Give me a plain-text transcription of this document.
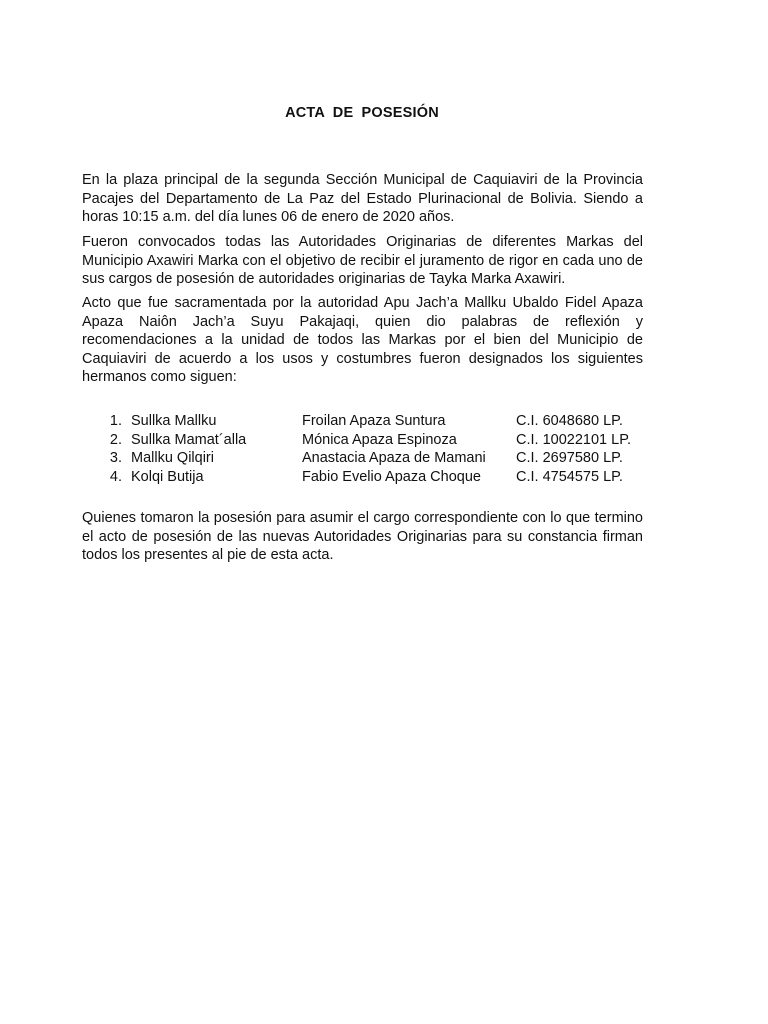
ACTA DE POSESIÓN

En la plaza principal de la segunda Sección Municipal de Caquiaviri de la Provincia Pacajes del Departamento de La Paz del Estado Plurinacional de Bolivia. Siendo a horas 10:15 a.m. del día lunes 06 de enero de 2020 años.

Fueron convocados todas las Autoridades Originarias de diferentes Markas del Municipio Axawiri Marka con el objetivo de recibir el juramento de rigor en cada uno de sus cargos de posesión de autoridades originarias de Tayka Marka Axawiri.

Acto que fue sacramentada por la autoridad Apu Jach’a Mallku Ubaldo Fidel Apaza Apaza Naiôn Jach’a Suyu Pakajaqi, quien dio palabras de reflexión y recomendaciones a la unidad de todos las Markas por el bien del Municipio de Caquiaviri de acuerdo a los usos y costumbres fueron designados los siguientes hermanos como siguen:

1. Sullka Mallku	Froilan Apaza Suntura	C.I. 6048680 LP.
2. Sullka Mamat´alla	Mónica Apaza Espinoza	C.I. 10022101 LP.
3. Mallku Qilqiri	Anastacia Apaza de Mamani C.I. 2697580 LP.
4. Kolqi Butija	Fabio Evelio Apaza Choque C.I. 4754575 LP.

Quienes tomaron la posesión para asumir el cargo correspondiente con lo que termino el acto de posesión de las nuevas Autoridades Originarias para su constancia firman todos los presentes al pie de esta acta.
